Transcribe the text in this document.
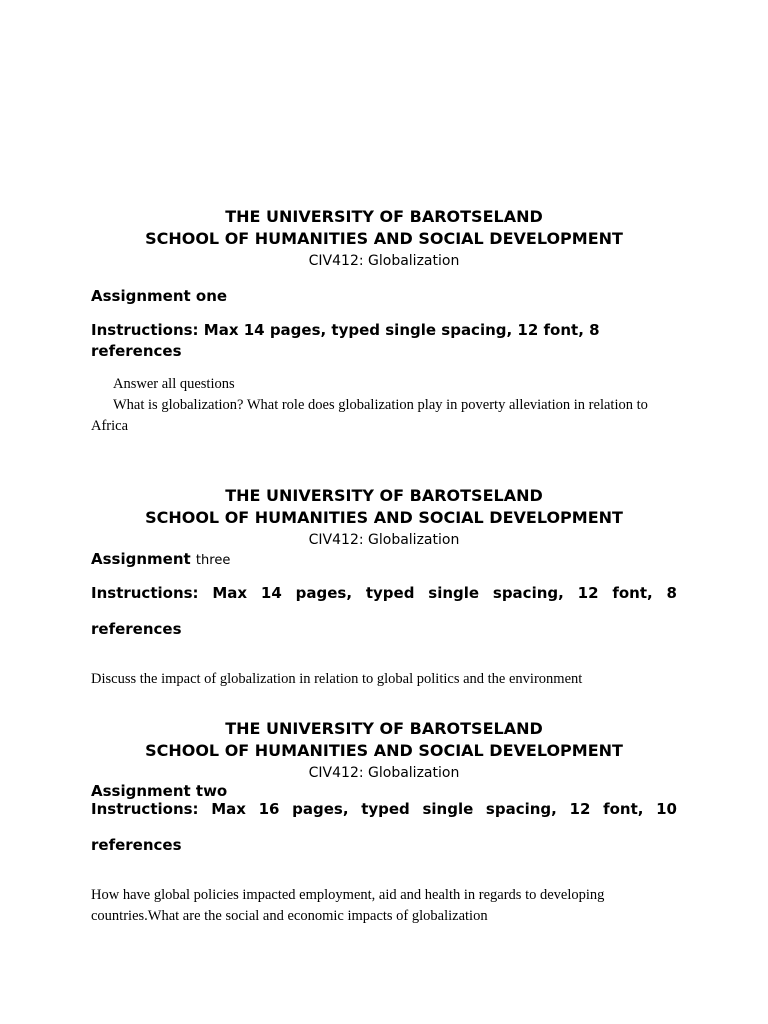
THE UNIVERSITY OF BAROTSELAND
SCHOOL OF HUMANITIES AND SOCIAL DEVELOPMENT
CIV412: Globalization
Assignment one
Instructions: Max 14 pages, typed single spacing, 12 font, 8 references
Answer all questions
What is globalization? What role does globalization play in poverty alleviation in relation to
Africa
THE UNIVERSITY OF BAROTSELAND
SCHOOL OF HUMANITIES AND SOCIAL DEVELOPMENT
CIV412: Globalization
Assignment three
Instructions: Max 14 pages, typed single spacing, 12 font, 8
references
Discuss the impact of globalization in relation to global politics and the environment
THE UNIVERSITY OF BAROTSELAND
SCHOOL OF HUMANITIES AND SOCIAL DEVELOPMENT
CIV412: Globalization
Assignment two
Instructions: Max 16 pages, typed single spacing, 12 font, 10
references
How have global policies impacted employment, aid and health in regards to developing
countries.What are the social and economic impacts of globalization
